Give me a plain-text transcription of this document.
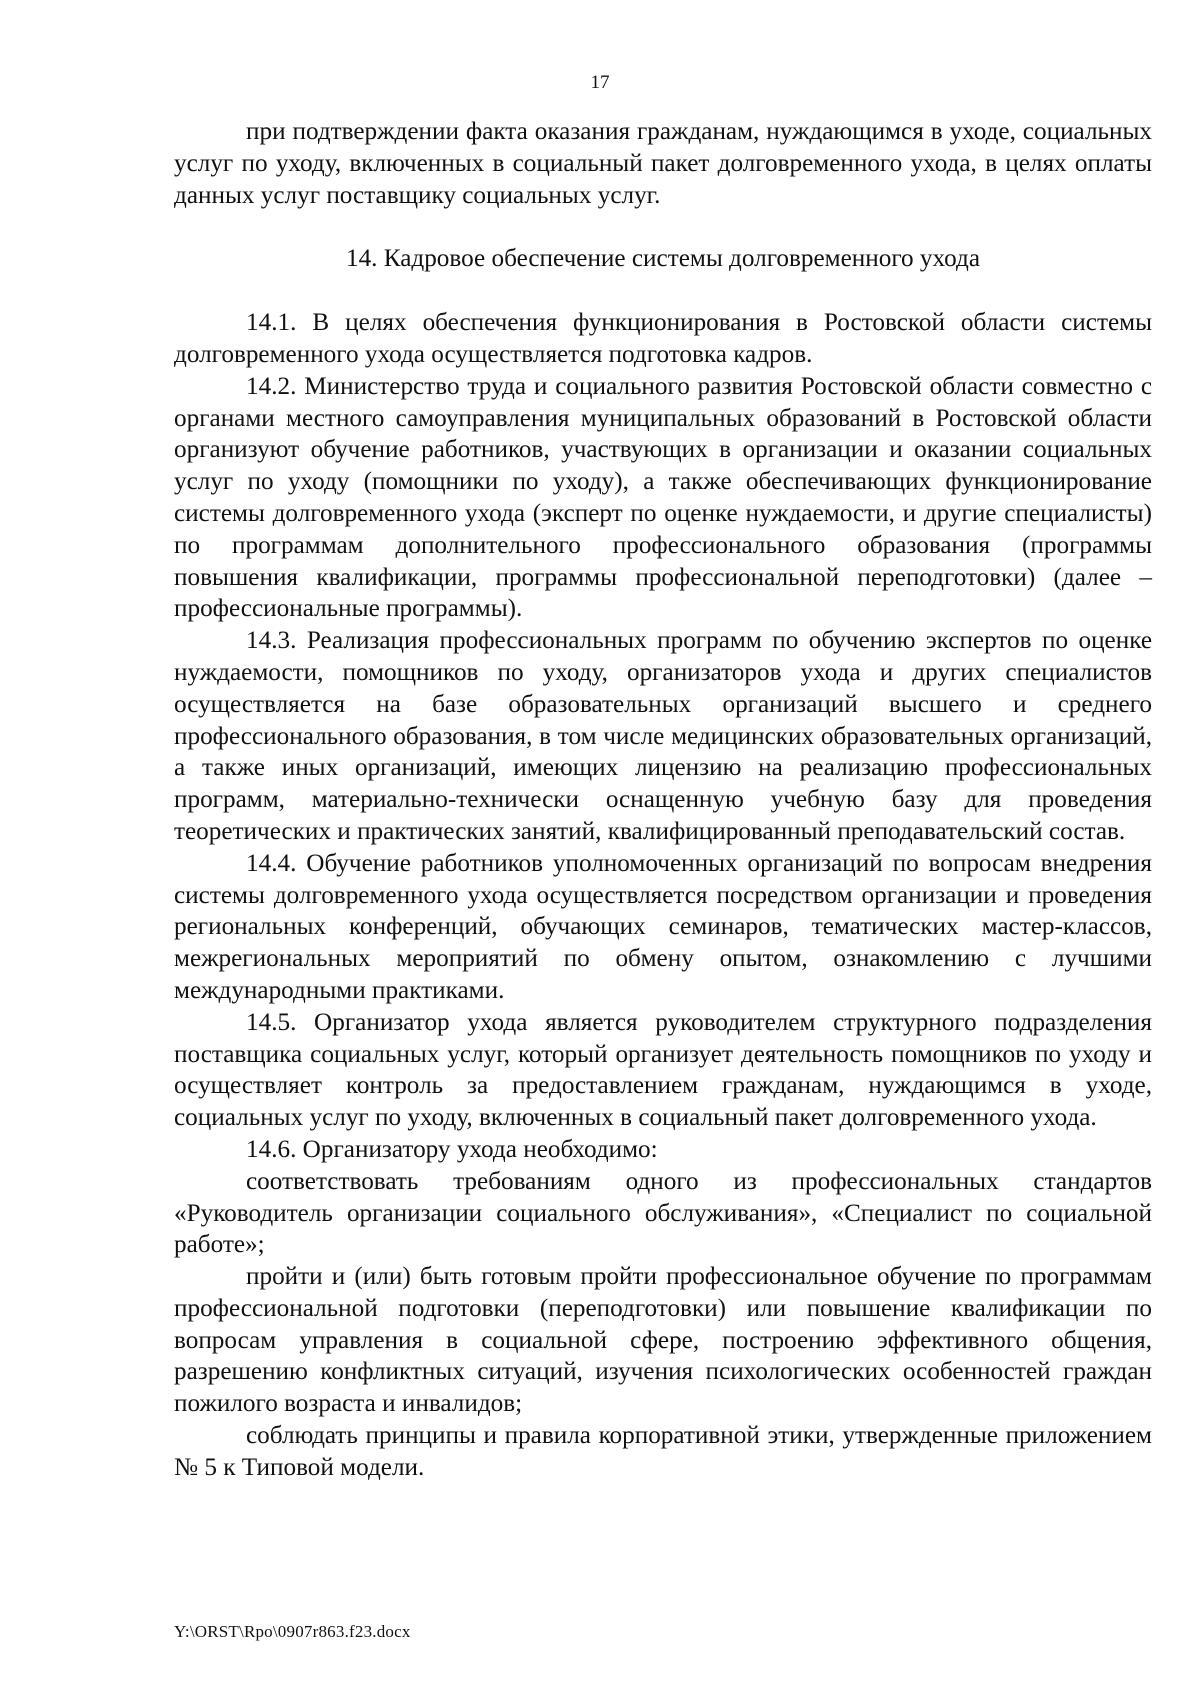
17

при подтверждении факта оказания гражданам, нуждающимся в уходе, социальных услуг по уходу, включенных в социальный пакет долговременного ухода, в целях оплаты данных услуг поставщику социальных услуг.

14. Кадровое обеспечение системы долговременного ухода

14.1. В целях обеспечения функционирования в Ростовской области системы долговременного ухода осуществляется подготовка кадров.

14.2. Министерство труда и социального развития Ростовской области совместно с органами местного самоуправления муниципальных образований в Ростовской области организуют обучение работников, участвующих в организации и оказании социальных услуг по уходу (помощники по уходу), а также обеспечивающих функционирование системы долговременного ухода (эксперт по оценке нуждаемости, и другие специалисты) по программам дополнительного профессионального образования (программы повышения квалификации, программы профессиональной переподготовки) (далее – профессиональные программы).

14.3. Реализация профессиональных программ по обучению экспертов по оценке нуждаемости, помощников по уходу, организаторов ухода и других специалистов осуществляется на базе образовательных организаций высшего и среднего профессионального образования, в том числе медицинских образовательных организаций, а также иных организаций, имеющих лицензию на реализацию профессиональных программ, материально-технически оснащенную учебную базу для проведения теоретических и практических занятий, квалифицированный преподавательский состав.

14.4. Обучение работников уполномоченных организаций по вопросам внедрения системы долговременного ухода осуществляется посредством организации и проведения региональных конференций, обучающих семинаров, тематических мастер-классов, межрегиональных мероприятий по обмену опытом, ознакомлению с лучшими международными практиками.

14.5. Организатор ухода является руководителем структурного подразделения поставщика социальных услуг, который организует деятельность помощников по уходу и осуществляет контроль за предоставлением гражданам, нуждающимся в уходе, социальных услуг по уходу, включенных в социальный пакет долговременного ухода.

14.6. Организатору ухода необходимо:

соответствовать требованиям одного из профессиональных стандартов «Руководитель организации социального обслуживания», «Специалист по социальной работе»;

пройти и (или) быть готовым пройти профессиональное обучение по программам профессиональной подготовки (переподготовки) или повышение квалификации по вопросам управления в социальной сфере, построению эффективного общения, разрешению конфликтных ситуаций, изучения психологических особенностей граждан пожилого возраста и инвалидов;

соблюдать принципы и правила корпоративной этики, утвержденные приложением № 5 к Типовой модели.

Y:\ORST\Rpo\0907r863.f23.docx
